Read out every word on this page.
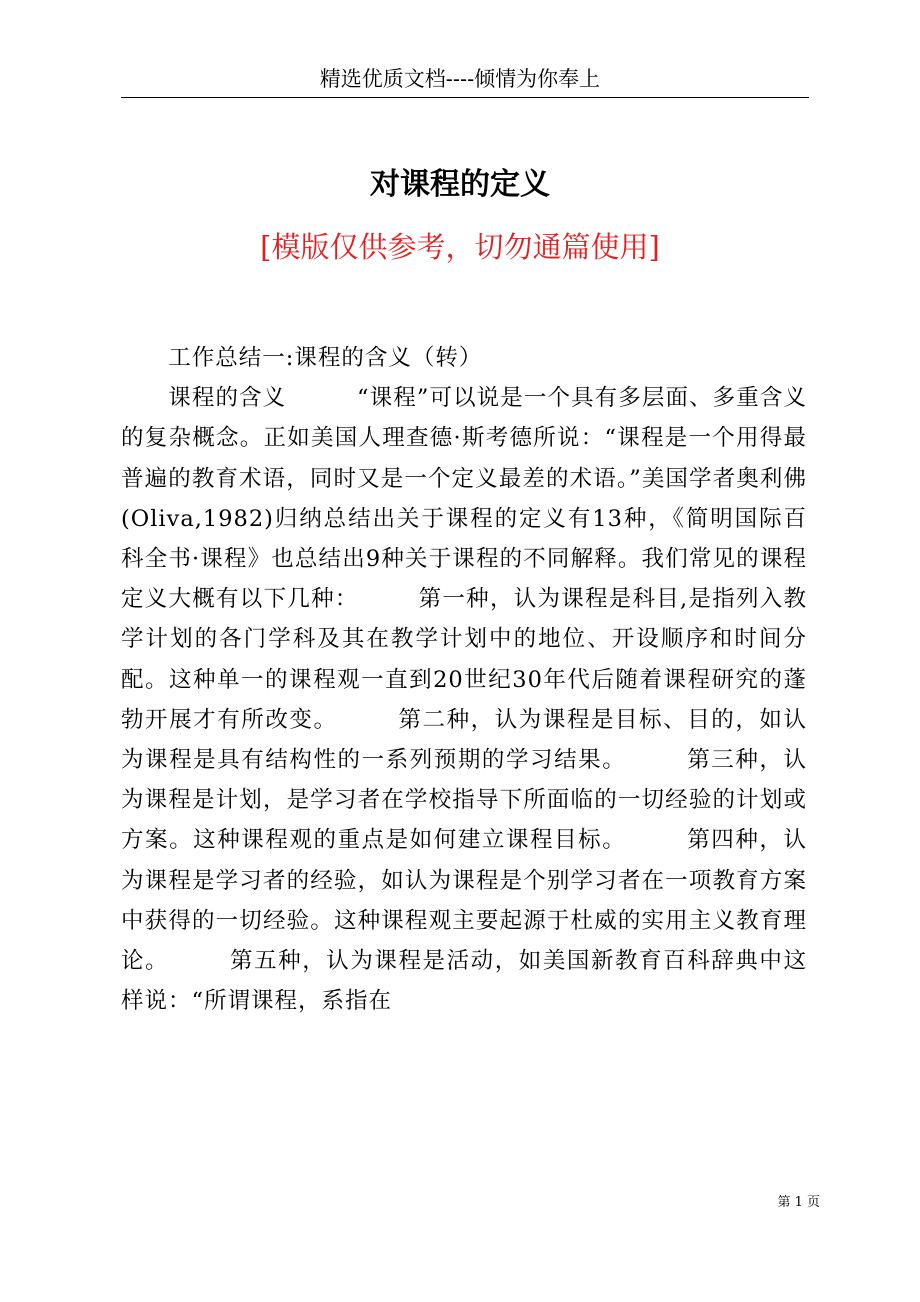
精选优质文档----倾情为你奉上
对课程的定义
[模版仅供参考，切勿通篇使用]

工作总结一:课程的含义（转）

课程的含义　　　“课程”可以说是一个具有多层面、多重含义的复杂概念。正如美国人理查德·斯考德所说：“课程是一个用得最普遍的教育术语，同时又是一个定义最差的术语。”美国学者奥利佛(Oliva,1982)归纳总结出关于课程的定义有13种，《简明国际百科全书·课程》也总结出9种关于课程的不同解释。我们常见的课程定义大概有以下几种：　　　第一种，认为课程是科目,是指列入教学计划的各门学科及其在教学计划中的地位、开设顺序和时间分配。这种单一的课程观一直到20世纪30年代后随着课程研究的蓬勃开展才有所改变。　　　第二种，认为课程是目标、目的，如认为课程是具有结构性的一系列预期的学习结果。　　　第三种，认为课程是计划，是学习者在学校指导下所面临的一切经验的计划或方案。这种课程观的重点是如何建立课程目标。　　　第四种，认为课程是学习者的经验，如认为课程是个别学习者在一项教育方案中获得的一切经验。这种课程观主要起源于杜威的实用主义教育理论。　　　第五种，认为课程是活动，如美国新教育百科辞典中这样说：“所谓课程，系指在

第 1 页
